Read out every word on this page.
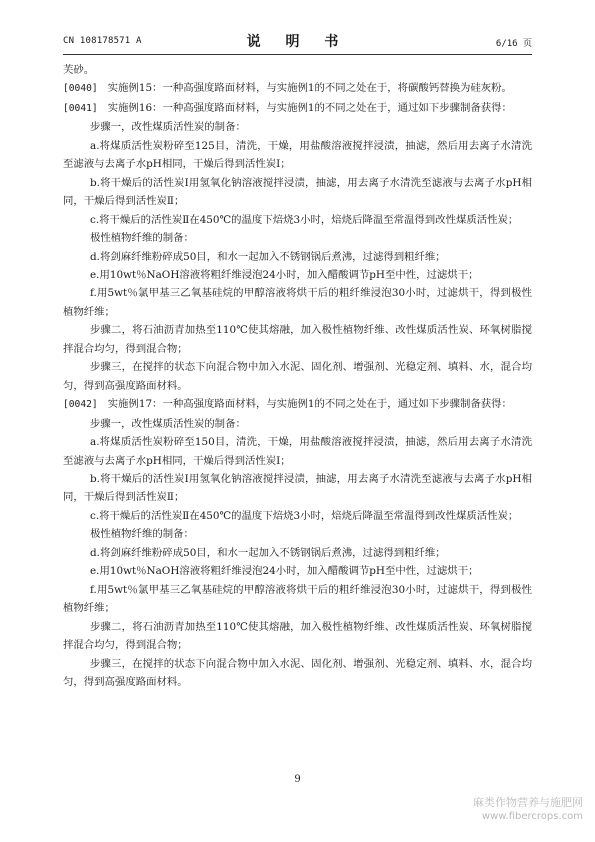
CN 108178571 A	说 明 书	6/16 页

芙砂。

[0040] 实施例15：一种高强度路面材料，与实施例1的不同之处在于，将碳酸钙替换为硅灰粉。

[0041] 实施例16：一种高强度路面材料，与实施例1的不同之处在于，通过如下步骤制备获得：

步骤一，改性煤质活性炭的制备：

a.将煤质活性炭粉碎至125目，清洗，干燥，用盐酸溶液搅拌浸渍，抽滤，然后用去离子水清洗至滤液与去离子水pH相同，干燥后得到活性炭Ⅰ；

b.将干燥后的活性炭Ⅰ用氢氧化钠溶液搅拌浸渍，抽滤，用去离子水清洗至滤液与去离子水pH相同，干燥后得到活性炭Ⅱ；

c.将干燥后的活性炭Ⅱ在450℃的温度下焙烧3小时，焙烧后降温至常温得到改性煤质活性炭；

极性植物纤维的制备：

d.将剑麻纤维粉碎成50目，和水一起加入不锈钢锅后煮沸，过滤得到粗纤维；

e.用10wt％NaOH溶液将粗纤维浸泡24小时，加入醋酸调节pH至中性，过滤烘干；

f.用5wt％氯甲基三乙氧基硅烷的甲醇溶液将烘干后的粗纤维浸泡30小时，过滤烘干，得到极性植物纤维；

步骤二，将石油沥青加热至110℃使其熔融，加入极性植物纤维、改性煤质活性炭、环氧树脂搅拌混合均匀，得到混合物；

步骤三，在搅拌的状态下向混合物中加入水泥、固化剂、增强剂、光稳定剂、填料、水，混合均匀，得到高强度路面材料。

[0042] 实施例17：一种高强度路面材料，与实施例1的不同之处在于，通过如下步骤制备获得：

步骤一，改性煤质活性炭的制备：

a.将煤质活性炭粉碎至150目，清洗，干燥，用盐酸溶液搅拌浸渍，抽滤，然后用去离子水清洗至滤液与去离子水pH相同，干燥后得到活性炭Ⅰ；

b.将干燥后的活性炭Ⅰ用氢氧化钠溶液搅拌浸渍，抽滤，用去离子水清洗至滤液与去离子水pH相同，干燥后得到活性炭Ⅱ；

c.将干燥后的活性炭Ⅱ在450℃的温度下焙烧3小时，焙烧后降温至常温得到改性煤质活性炭；

极性植物纤维的制备：

d.将剑麻纤维粉碎成50目，和水一起加入不锈钢锅后煮沸，过滤得到粗纤维；

e.用10wt％NaOH溶液将粗纤维浸泡24小时，加入醋酸调节pH至中性，过滤烘干；

f.用5wt％氯甲基三乙氧基硅烷的甲醇溶液将烘干后的粗纤维浸泡30小时，过滤烘干，得到极性植物纤维；

步骤二，将石油沥青加热至110℃使其熔融，加入极性植物纤维、改性煤质活性炭、环氧树脂搅拌混合均匀，得到混合物；

步骤三，在搅拌的状态下向混合物中加入水泥、固化剂、增强剂、光稳定剂、填料、水，混合均匀，得到高强度路面材料。

9
麻类作物营养与施肥网
www.fibercrops.com
